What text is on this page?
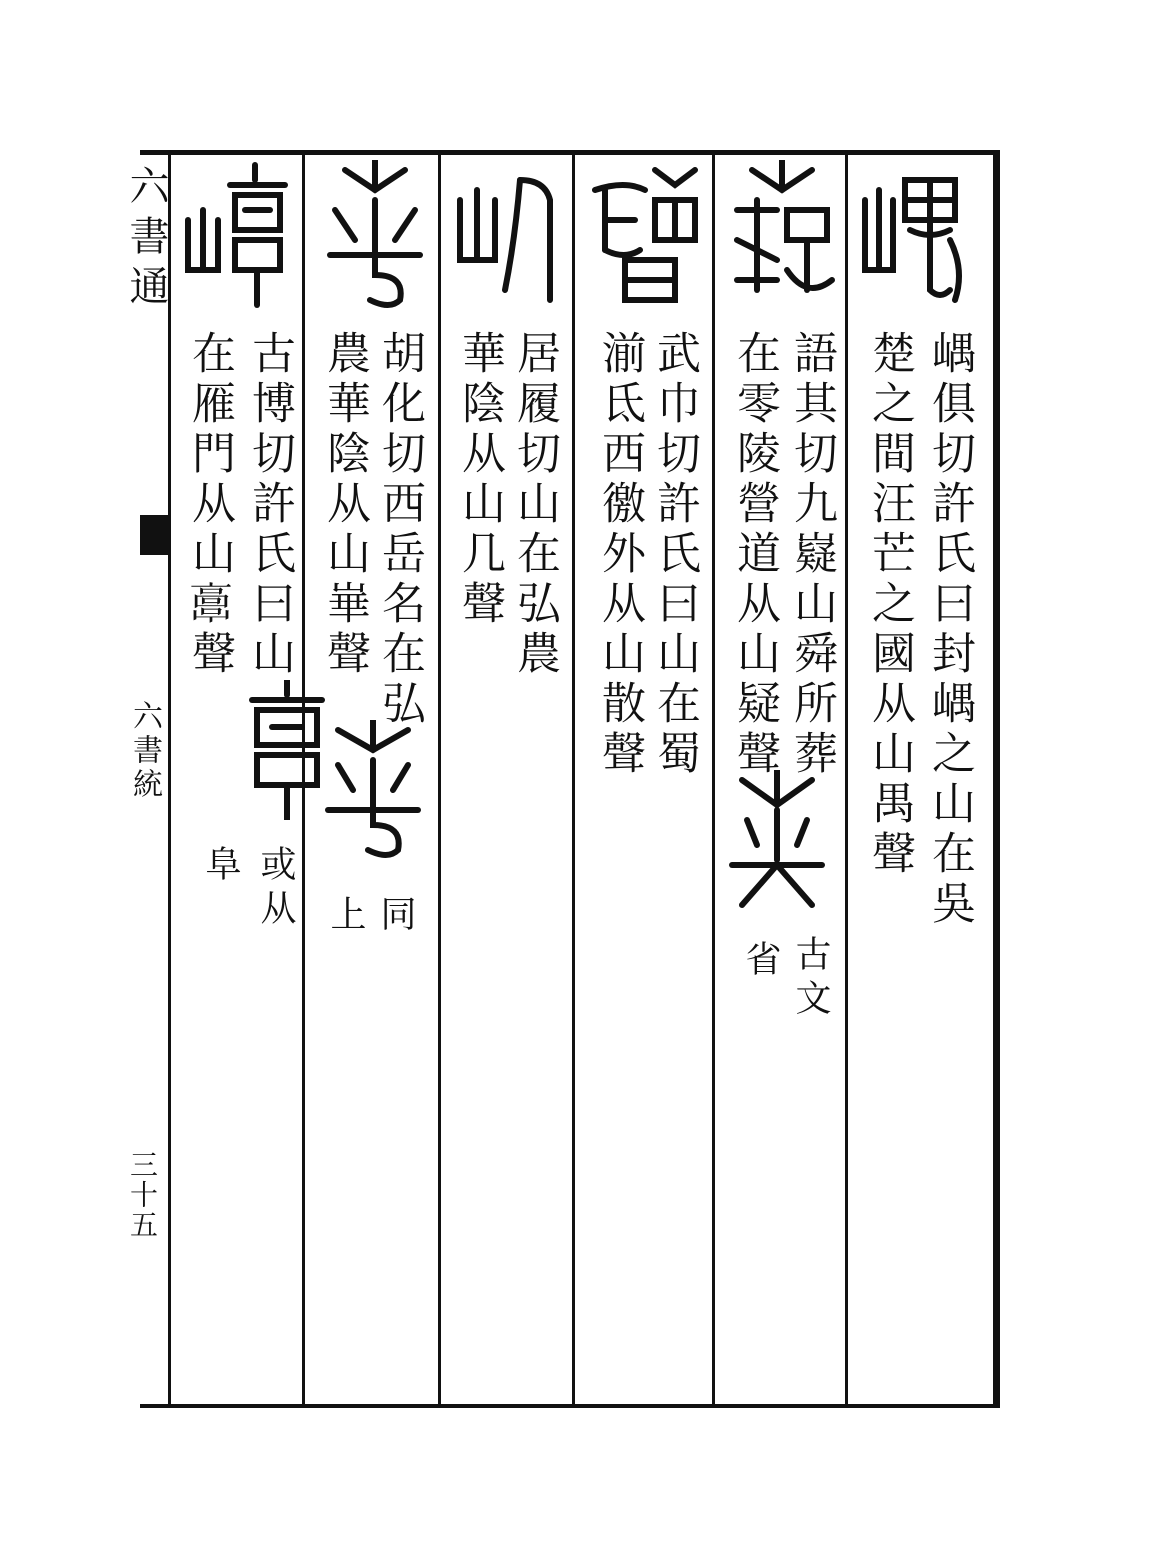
六書通
六書統
三十五
嵎俱切許氏曰封嵎之山在吳
楚之間汪芒之國从山禺聲
語其切九嶷山舜所葬
在零陵營道从山疑聲
古文
省
武巾切許氏曰山在蜀
湔氐西徼外从山散聲
居履切山在弘農
華陰从山几聲
胡化切西岳名在弘
農華陰从山崋聲
同
上
古博切許氏曰山
在雁門从山𩫖聲
或从
阜
